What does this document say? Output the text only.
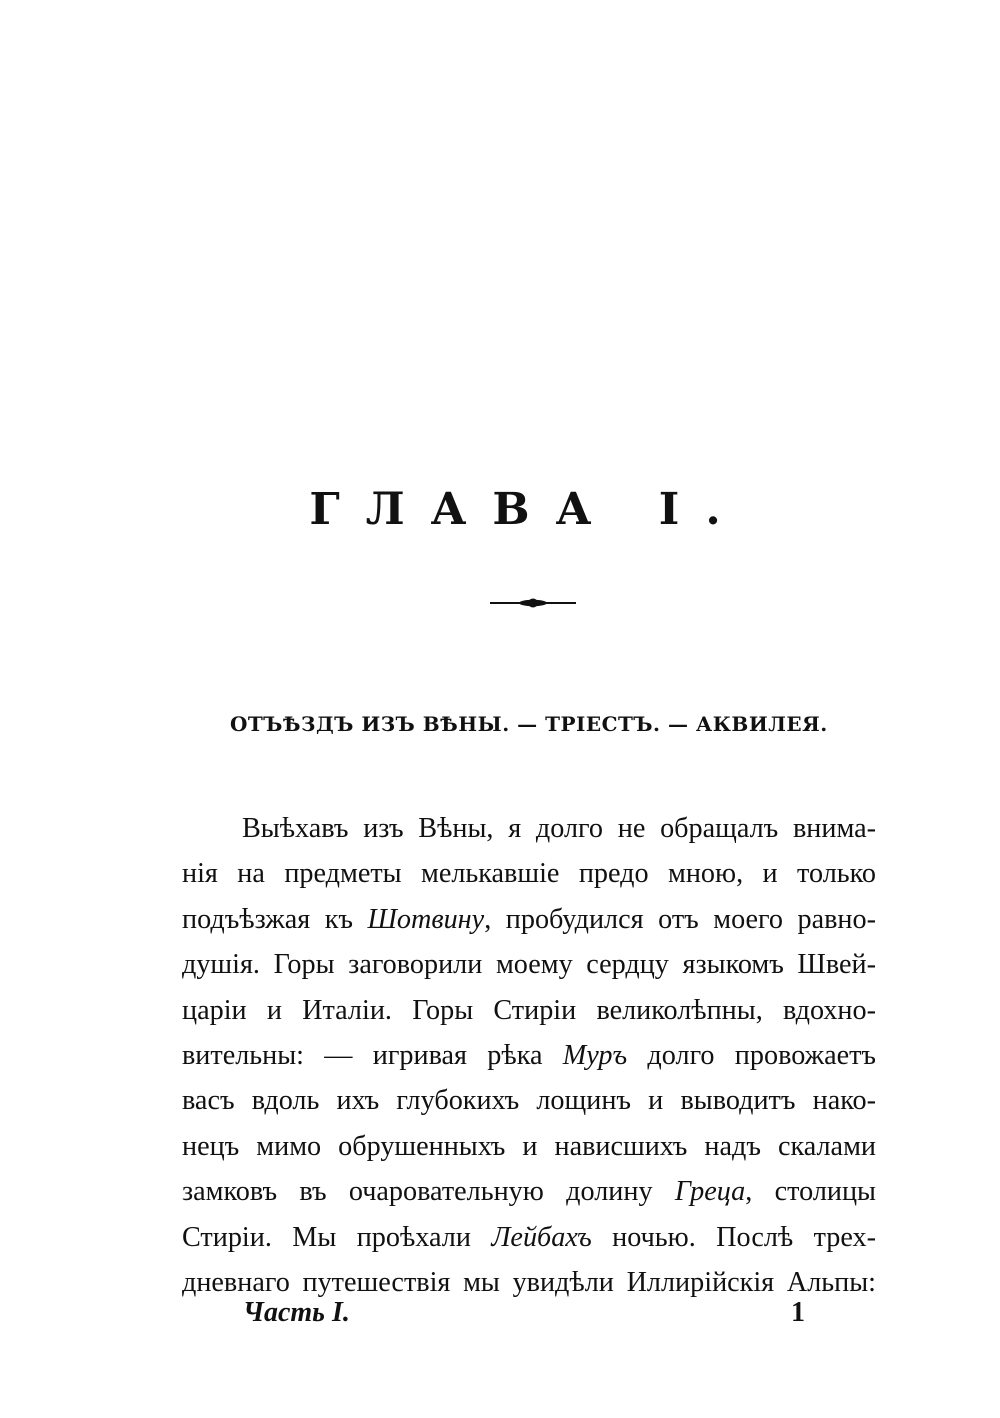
ГЛАВА I.
ОТЪѢЗДЪ ИЗЪ ВѢНЫ. — ТРІЕСТЪ. — АКВИЛЕЯ.
Выѣхавъ изъ Вѣны, я долго не обращалъ внима-
нія на предметы мелькавшіе предо мною, и только
подъѣзжая къ Шотвину, пробудился отъ моего равно-
душія. Горы заговорили моему сердцу языкомъ Швей-
царіи и Италіи. Горы Стиріи великолѣпны, вдохно-
вительны: — игривая рѣка Муръ долго провожаетъ
васъ вдоль ихъ глубокихъ лощинъ и выводитъ нако-
нецъ мимо обрушенныхъ и нависшихъ надъ скалами
замковъ въ очаровательную долину Греца, столицы
Стиріи. Мы проѣхали Лейбахъ ночью. Послѣ трех-
дневнаго путешествія мы увидѣли Иллирійскія Альпы:
Часть I.	1
